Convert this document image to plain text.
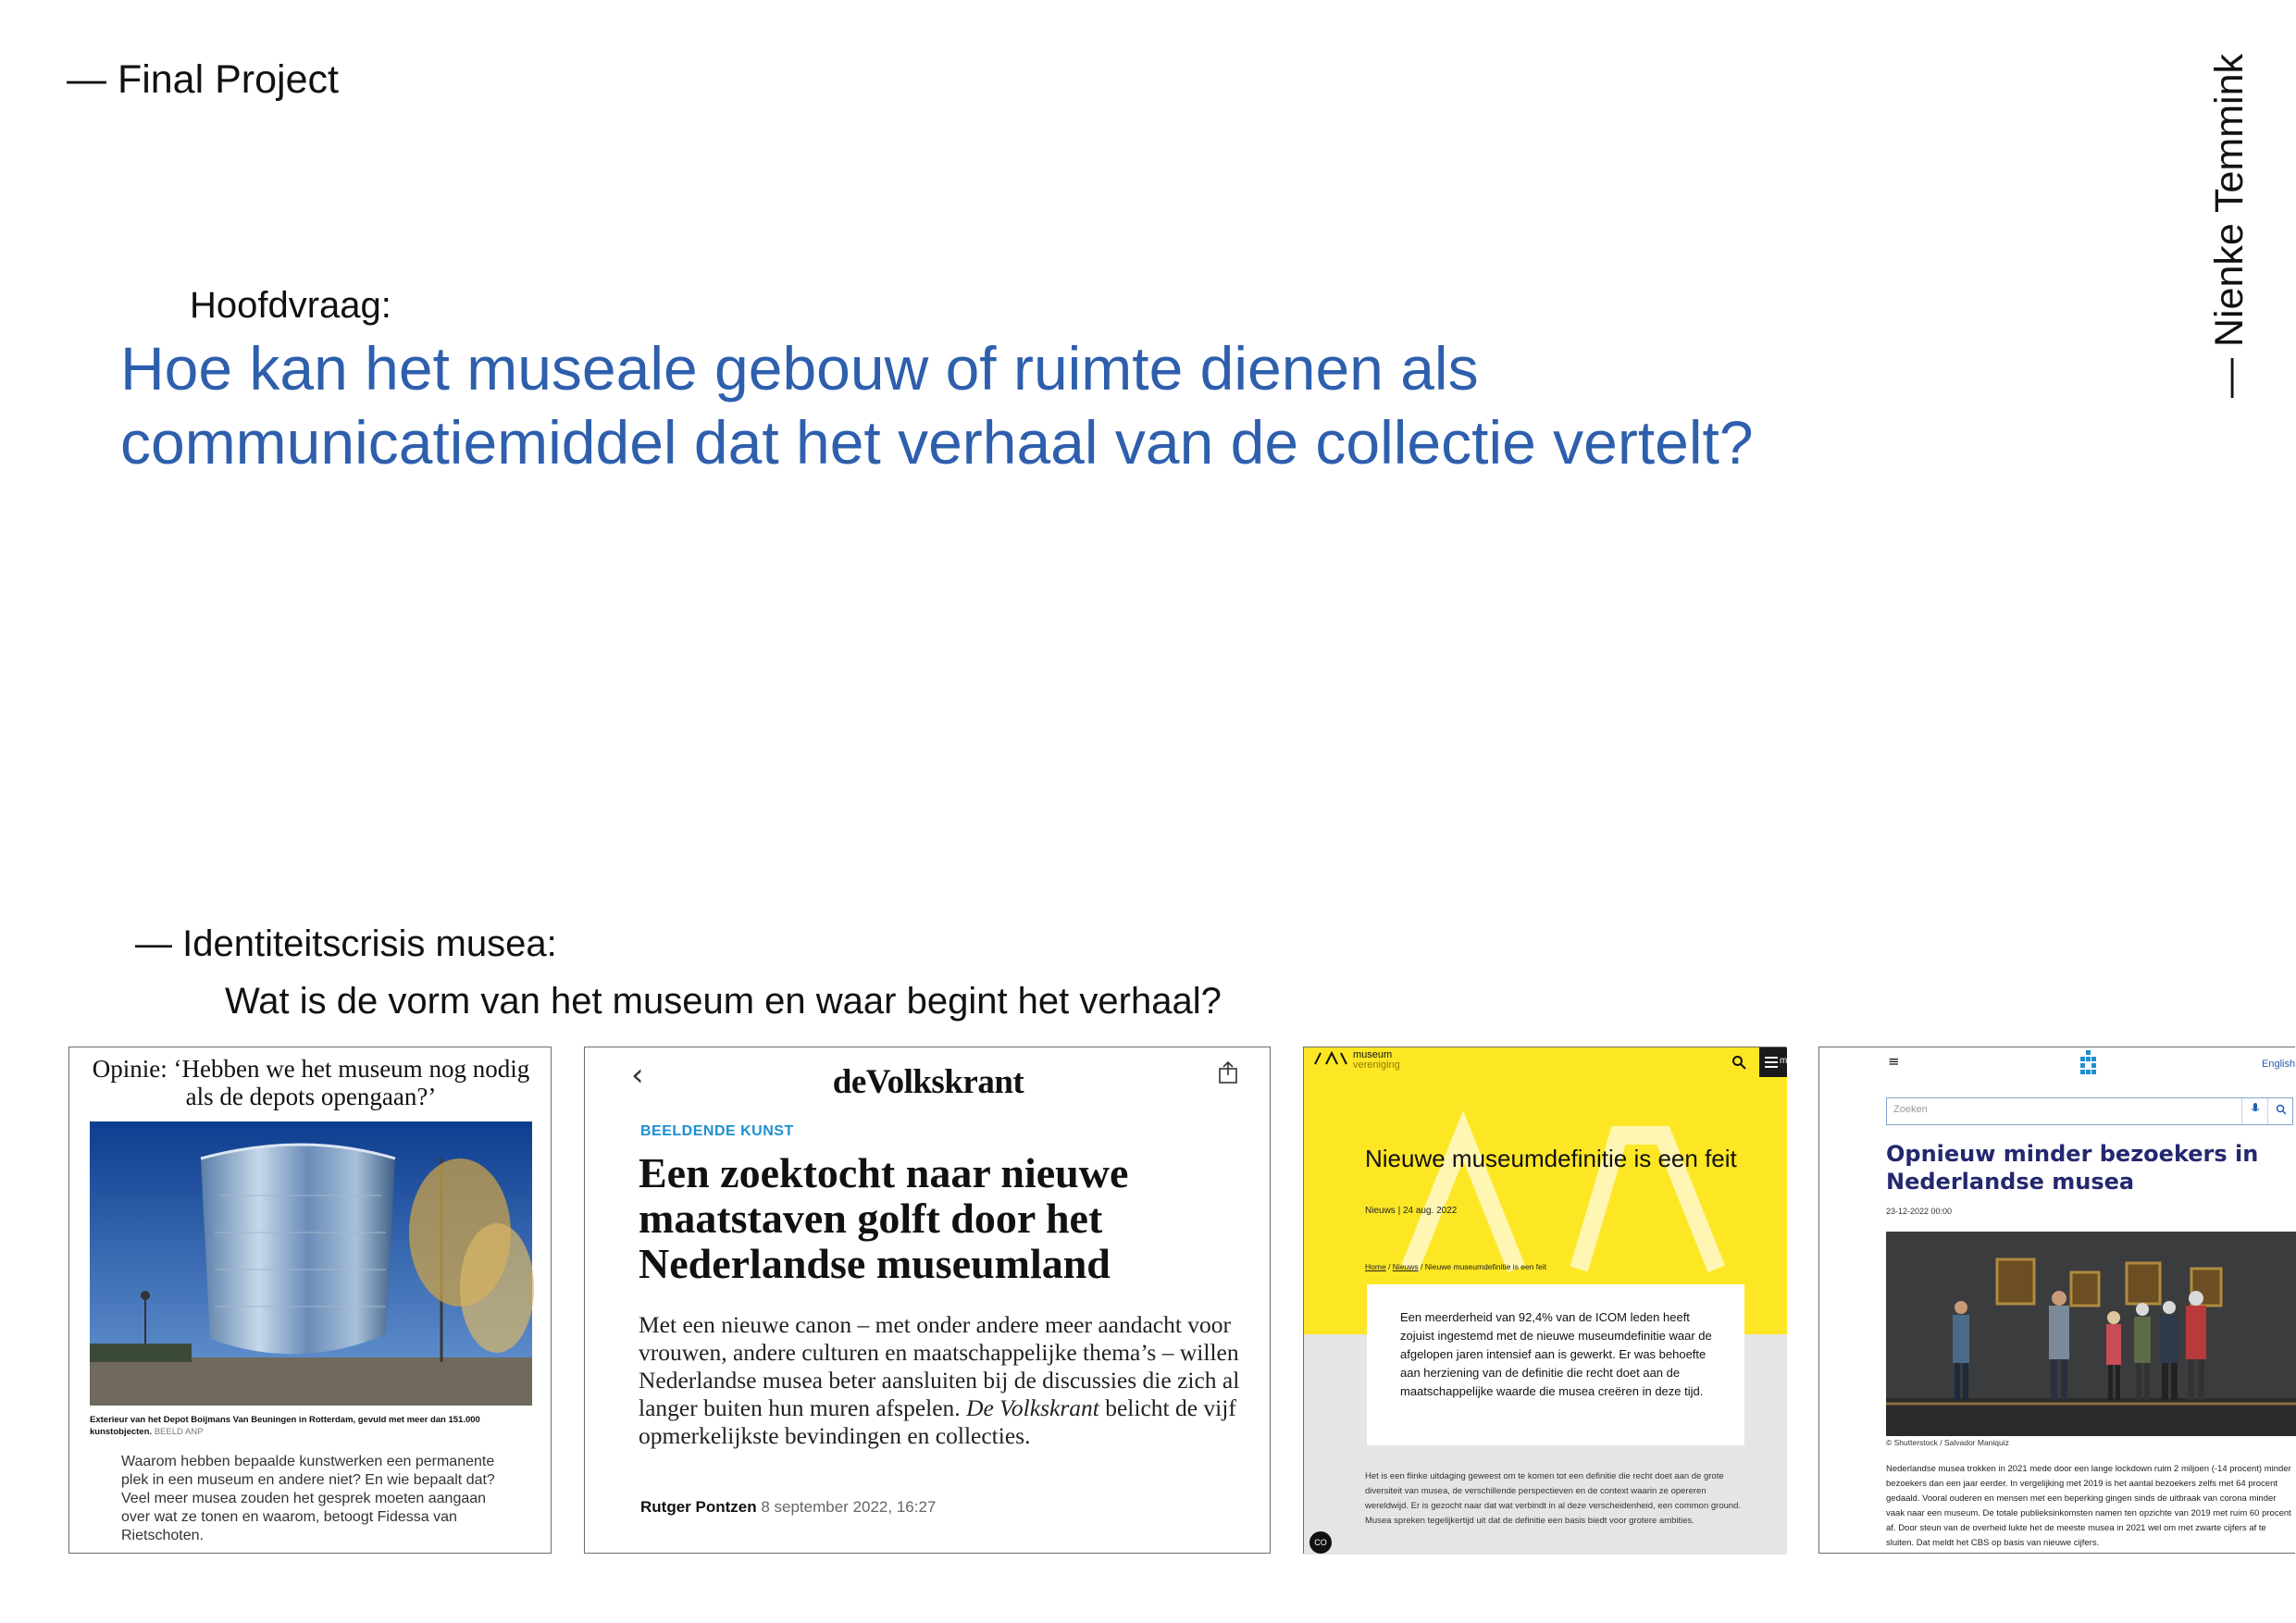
— Final Project	— Nienke Temmink
Hoofdvraag:
Hoe kan het museale gebouw of ruimte dienen als
communicatiemiddel dat het verhaal van de collectie vertelt?
— Identiteitscrisis musea:
Wat is de vorm van het museum en waar begint het verhaal?
Opinie: ‘Hebben we het museum nog nodig
als de depots opengaan?’
Exterieur van het Depot Boijmans Van Beuningen in Rotterdam, gevuld met meer dan 151.000 kunstobjecten. BEELD ANP
Waarom hebben bepaalde kunstwerken een permanente plek in een museum en andere niet? En wie bepaalt dat? Veel meer musea zouden het gesprek moeten aangaan over wat ze tonen en waarom, betoogt Fidessa van Rietschoten.
‹	deVolkskrant
BEELDENDE KUNST
Een zoektocht naar nieuwe maatstaven golft door het Nederlandse museumland
Met een nieuwe canon – met onder andere meer aandacht voor vrouwen, andere culturen en maatschappelijke thema’s – willen Nederlandse musea beter aansluiten bij de discussies die zich al langer buiten hun muren afspelen. De Volkskrant belicht de vijf opmerkelijkste bevindingen en collecties.
Rutger Pontzen 8 september 2022, 16:27
museum
vereniging	m
Nieuwe museumdefinitie is een feit
Nieuws | 24 aug. 2022
Home / Nieuws / Nieuwe museumdefinitie is een feit
Een meerderheid van 92,4% van de ICOM leden heeft zojuist ingestemd met de nieuwe museumdefinitie waar de afgelopen jaren intensief aan is gewerkt. Er was behoefte aan herziening van de definitie die recht doet aan de maatschappelijke waarde die musea creëren in deze tijd.
Het is een flinke uitdaging geweest om te komen tot een definitie die recht doet aan de grote diversiteit van musea, de verschillende perspectieven en de context waarin ze opereren wereldwijd. Er is gezocht naar dat wat verbindt in al deze verscheidenheid, een common ground. Musea spreken tegelijkertijd uit dat de definitie een basis biedt voor grotere ambities.
CO
≡	English
Zoeken
Opnieuw minder bezoekers in Nederlandse musea
23-12-2022 00:00
© Shutterstock / Salvador Maniquiz
Nederlandse musea trokken in 2021 mede door een lange lockdown ruim 2 miljoen (-14 procent) minder bezoekers dan een jaar eerder. In vergelijking met 2019 is het aantal bezoekers zelfs met 64 procent gedaald. Vooral ouderen en mensen met een beperking gingen sinds de uitbraak van corona minder vaak naar een museum. De totale publieksinkomsten namen ten opzichte van 2019 met ruim 60 procent af. Door steun van de overheid lukte het de meeste musea in 2021 wel om met zwarte cijfers af te sluiten. Dat meldt het CBS op basis van nieuwe cijfers.
